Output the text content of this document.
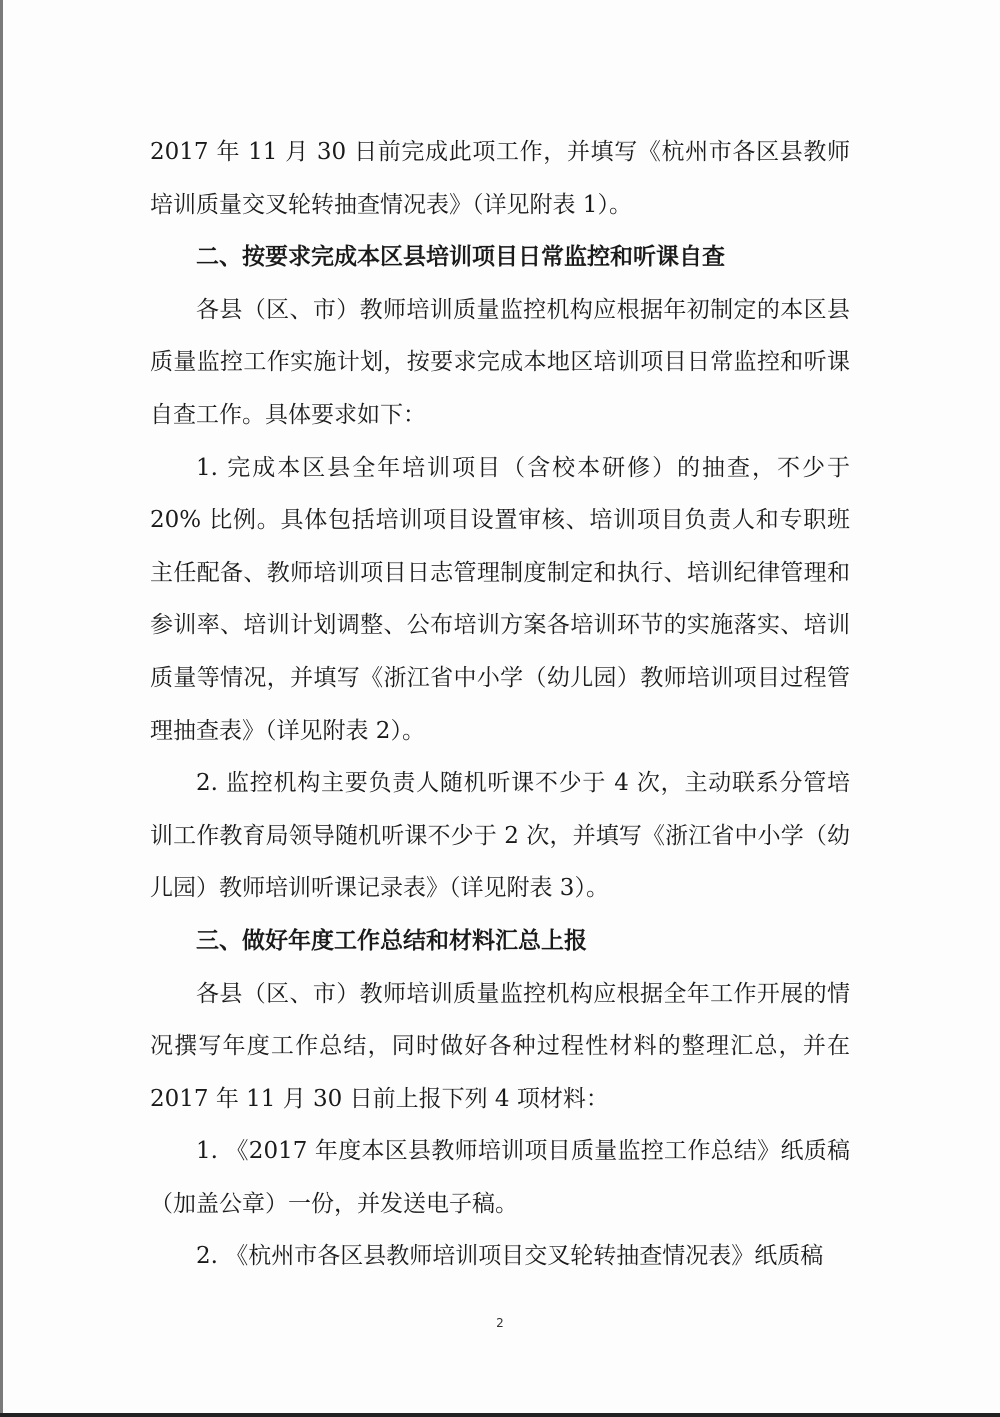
2017 年 11 月 30 日前完成此项工作，并填写《杭州市各区县教师培训质量交叉轮转抽查情况表》（详见附表 1）。

二、按要求完成本区县培训项目日常监控和听课自查

各县（区、市）教师培训质量监控机构应根据年初制定的本区县质量监控工作实施计划，按要求完成本地区培训项目日常监控和听课自查工作。具体要求如下：

1. 完成本区县全年培训项目（含校本研修）的抽查，不少于 20% 比例。具体包括培训项目设置审核、培训项目负责人和专职班主任配备、教师培训项目日志管理制度制定和执行、培训纪律管理和参训率、培训计划调整、公布培训方案各培训环节的实施落实、培训质量等情况，并填写《浙江省中小学（幼儿园）教师培训项目过程管理抽查表》（详见附表 2）。

2. 监控机构主要负责人随机听课不少于 4 次，主动联系分管培训工作教育局领导随机听课不少于 2 次，并填写《浙江省中小学（幼儿园）教师培训听课记录表》（详见附表 3）。

三、做好年度工作总结和材料汇总上报

各县（区、市）教师培训质量监控机构应根据全年工作开展的情况撰写年度工作总结，同时做好各种过程性材料的整理汇总，并在 2017 年 11 月 30 日前上报下列 4 项材料：

1. 《2017 年度本区县教师培训项目质量监控工作总结》纸质稿（加盖公章）一份，并发送电子稿。

2. 《杭州市各区县教师培训项目交叉轮转抽查情况表》纸质稿

2
